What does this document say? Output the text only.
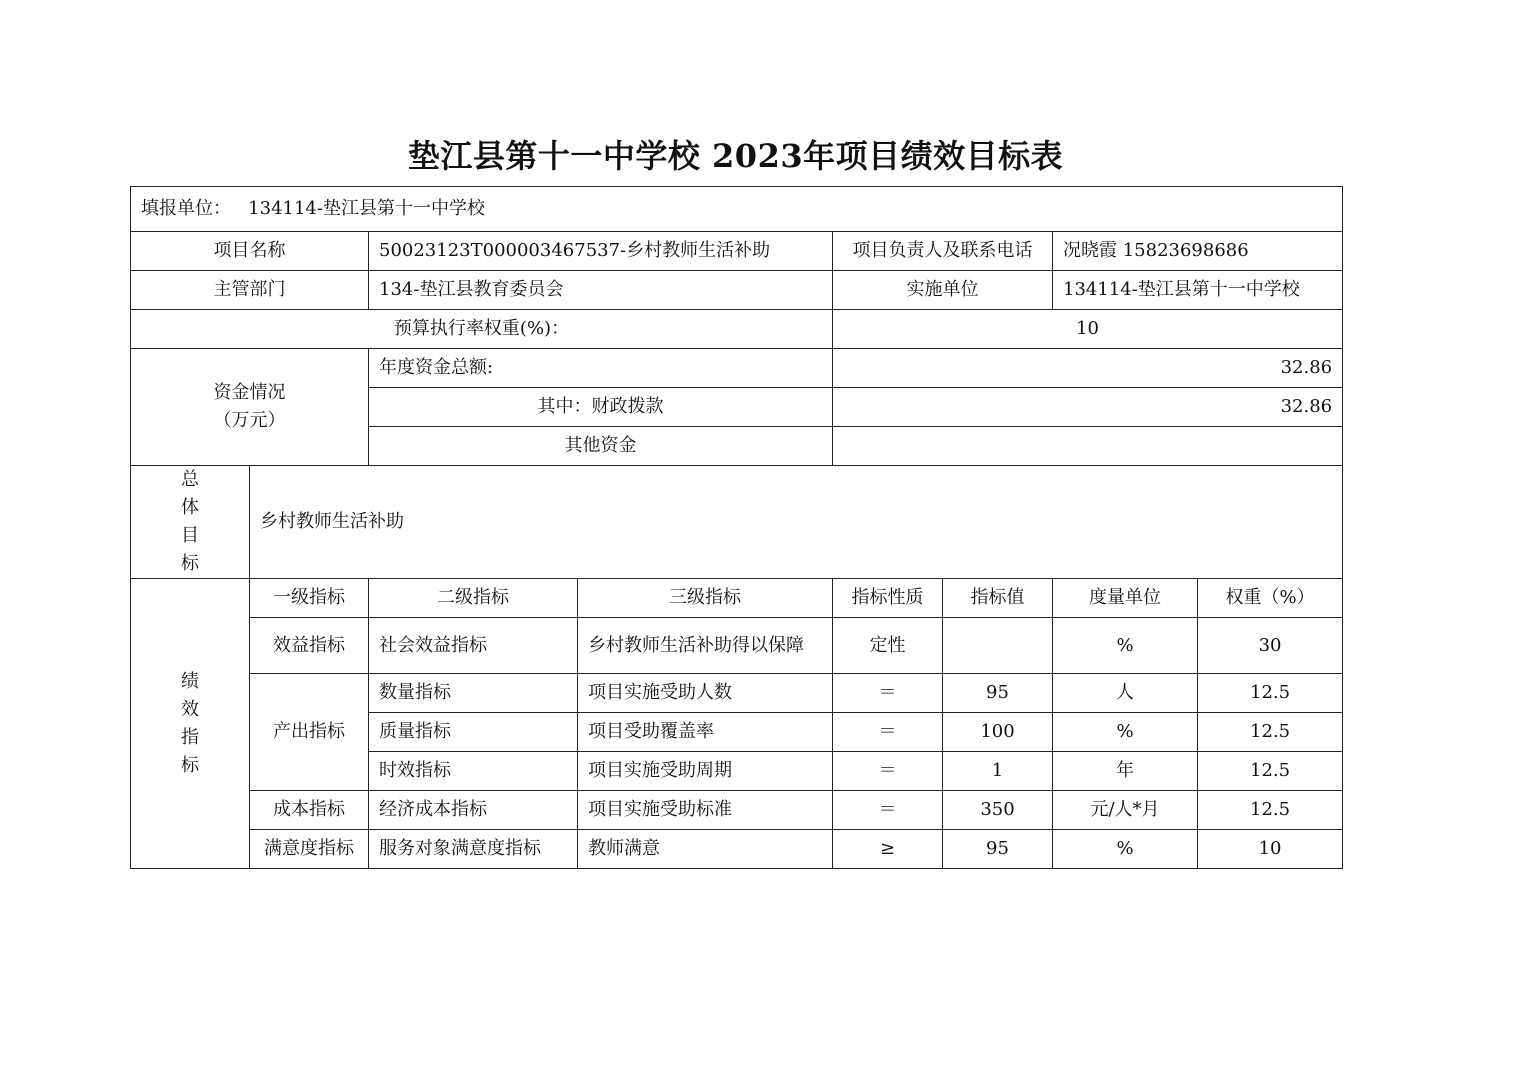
垫江县第十一中学校 2023年项目绩效目标表
填报单位： 134114-垫江县第十一中学校							
项目名称		50023123T000003467537-乡村教师生活补助		项目负责人及联系电话		况晓霞 15823698686	
主管部门		134-垫江县教育委员会		实施单位		134114-垫江县第十一中学校	
预算执行率权重(%)：				10			
资金情况
（万元）		年度资金总额:		32.86			
		其中：财政拨款		32.86			
		其他资金					

总
体
目
标	乡村教师生活补助						

绩
效
指
标	一级指标	二级指标	三级指标	指标性质	指标值	度量单位	权重（%）
	效益指标	社会效益指标	乡村教师生活补助得以保障	定性		%	30
	产出指标	数量指标	项目实施受助人数	＝	95	人	12.5
		质量指标	项目受助覆盖率	＝	100	%	12.5
		时效指标	项目实施受助周期	＝	1	年	12.5
	成本指标	经济成本指标	项目实施受助标准	＝	350	元/人*月	12.5
	满意度指标	服务对象满意度指标	教师满意	≥	95	%	10
